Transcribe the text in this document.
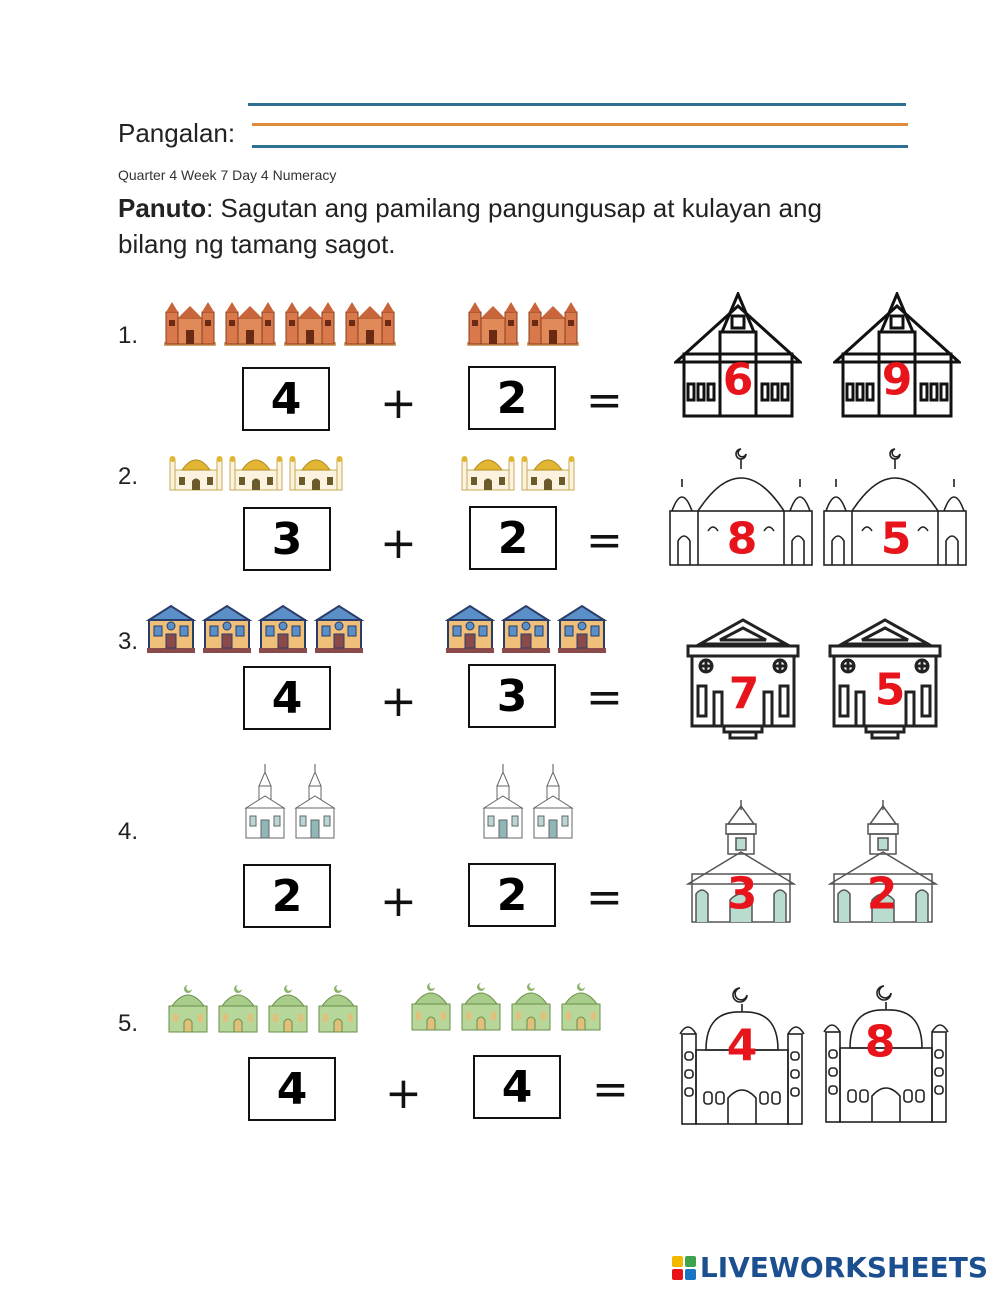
Pangalan:
Quarter 4 Week 7 Day 4 Numeracy
Panuto: Sagutan ang pamilang pangungusap at kulayan ang bilang ng tamang sagot.
1.
4	+	2	= 6	9
2.
3	+	2	= 8	5
3.
4	+	3	= 7	5
4.
2	+	2	= 3 2
5.
4	+	4	=
4 8
LIVEWORKSHEETS
